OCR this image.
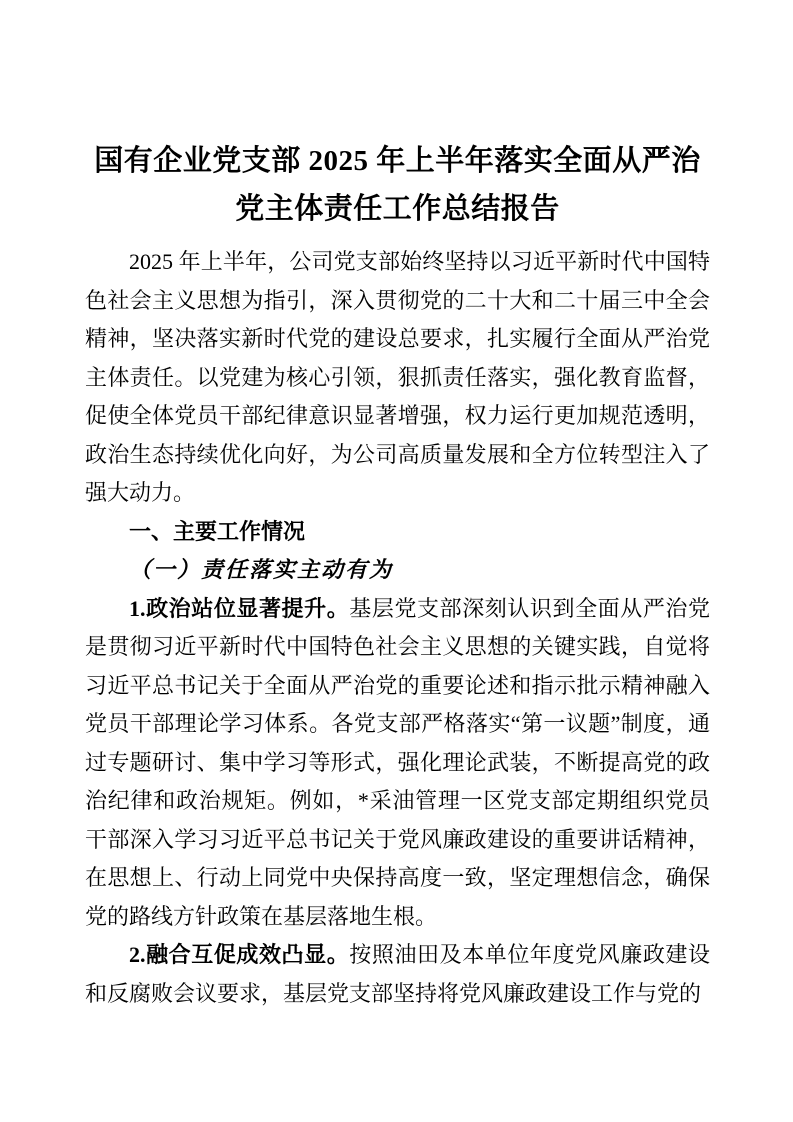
国有企业党支部 2025 年上半年落实全面从严治党主体责任工作总结报告

2025 年上半年，公司党支部始终坚持以习近平新时代中国特色社会主义思想为指引，深入贯彻党的二十大和二十届三中全会精神，坚决落实新时代党的建设总要求，扎实履行全面从严治党主体责任。以党建为核心引领，狠抓责任落实，强化教育监督，促使全体党员干部纪律意识显著增强，权力运行更加规范透明，政治生态持续优化向好，为公司高质量发展和全方位转型注入了强大动力。

一、主要工作情况
（一）责任落实主动有为

1.政治站位显著提升。基层党支部深刻认识到全面从严治党是贯彻习近平新时代中国特色社会主义思想的关键实践，自觉将习近平总书记关于全面从严治党的重要论述和指示批示精神融入党员干部理论学习体系。各党支部严格落实“第一议题”制度，通过专题研讨、集中学习等形式，强化理论武装，不断提高党的政治纪律和政治规矩。例如，*采油管理一区党支部定期组织党员干部深入学习习近平总书记关于党风廉政建设的重要讲话精神，在思想上、行动上同党中央保持高度一致，坚定理想信念，确保党的路线方针政策在基层落地生根。

2.融合互促成效凸显。按照油田及本单位年度党风廉政建设和反腐败会议要求，基层党支部坚持将党风廉政建设工作与党的
